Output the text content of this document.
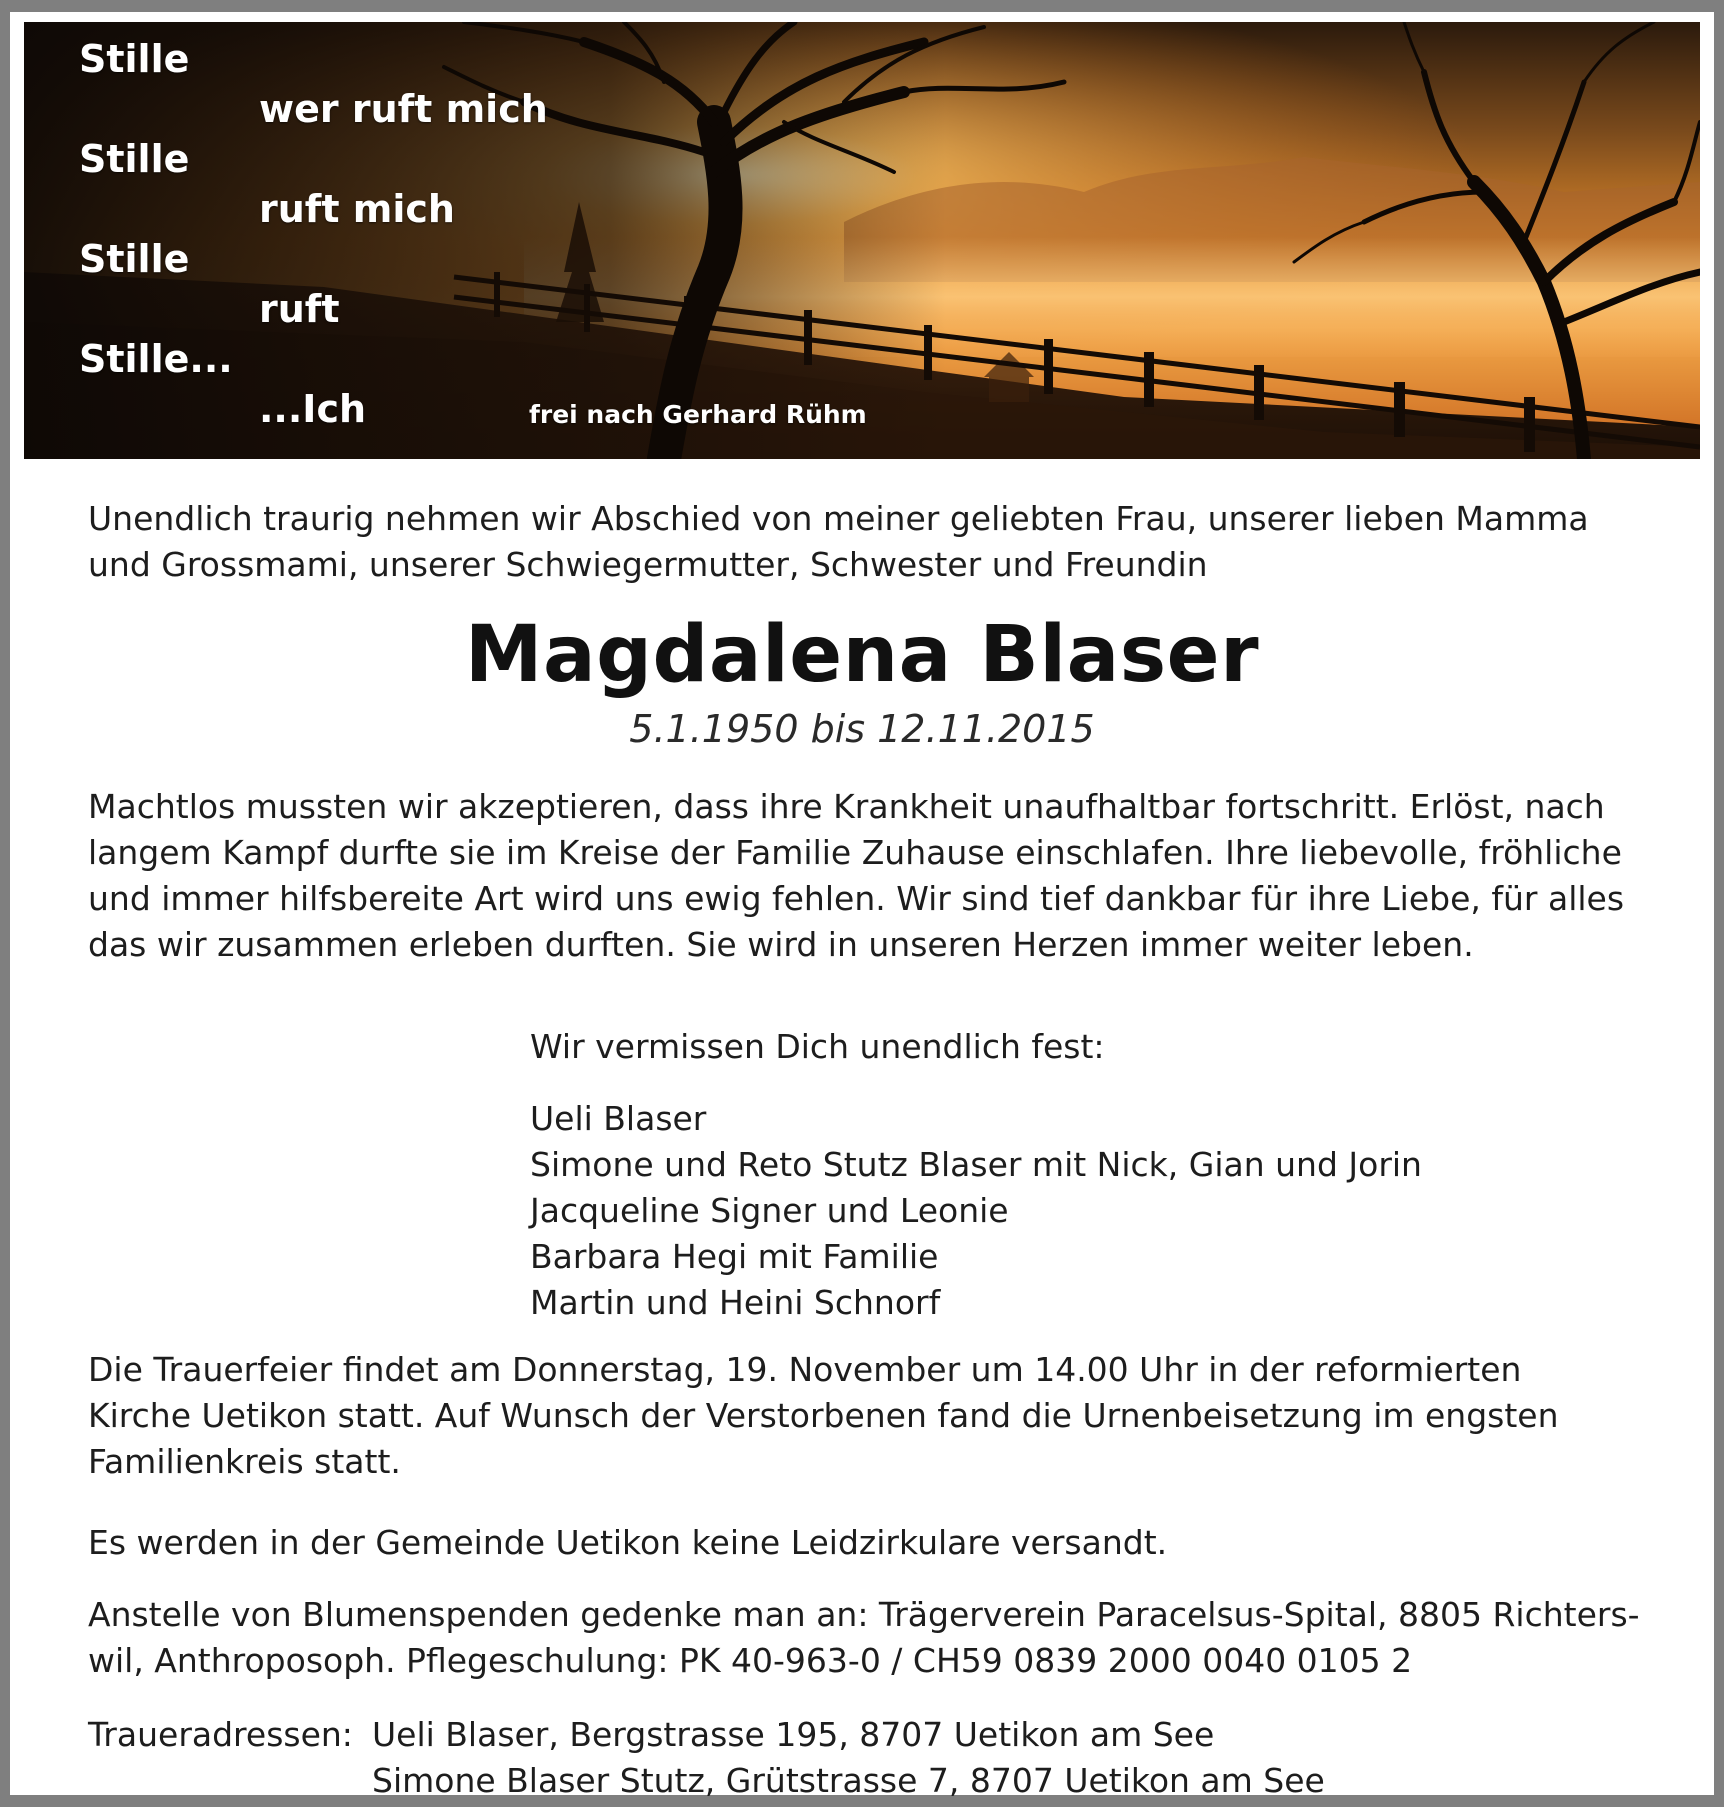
Stille
wer ruft mich
Stille
ruft mich
Stille
ruft
Stille...
...Ich	frei nach Gerhard Rühm
Unendlich traurig nehmen wir Abschied von meiner geliebten Frau, unserer lieben Mamma
und Grossmami, unserer Schwiegermutter, Schwester und Freundin
Magdalena Blaser
5.1.1950 bis 12.11.2015
Machtlos mussten wir akzeptieren, dass ihre Krankheit unaufhaltbar fortschritt. Erlöst, nach
langem Kampf durfte sie im Kreise der Familie Zuhause einschlafen. Ihre liebevolle, fröhliche
und immer hilfsbereite Art wird uns ewig fehlen. Wir sind tief dankbar für ihre Liebe, für alles
das wir zusammen erleben durften. Sie wird in unseren Herzen immer weiter leben.
Wir vermissen Dich unendlich fest:
Ueli Blaser
Simone und Reto Stutz Blaser mit Nick, Gian und Jorin
Jacqueline Signer und Leonie
Barbara Hegi mit Familie
Martin und Heini Schnorf
Die Trauerfeier findet am Donnerstag, 19. November um 14.00 Uhr in der reformierten
Kirche Uetikon statt. Auf Wunsch der Verstorbenen fand die Urnenbeisetzung im engsten
Familienkreis statt.
Es werden in der Gemeinde Uetikon keine Leidzirkulare versandt.
Anstelle von Blumenspenden gedenke man an: Trägerverein Paracelsus-Spital, 8805 Richters-
wil, Anthroposoph. Pflegeschulung: PK 40-963-0 / CH59 0839 2000 0040 0105 2
Traueradressen: Ueli Blaser, Bergstrasse 195, 8707 Uetikon am See
Simone Blaser Stutz, Grütstrasse 7, 8707 Uetikon am See
